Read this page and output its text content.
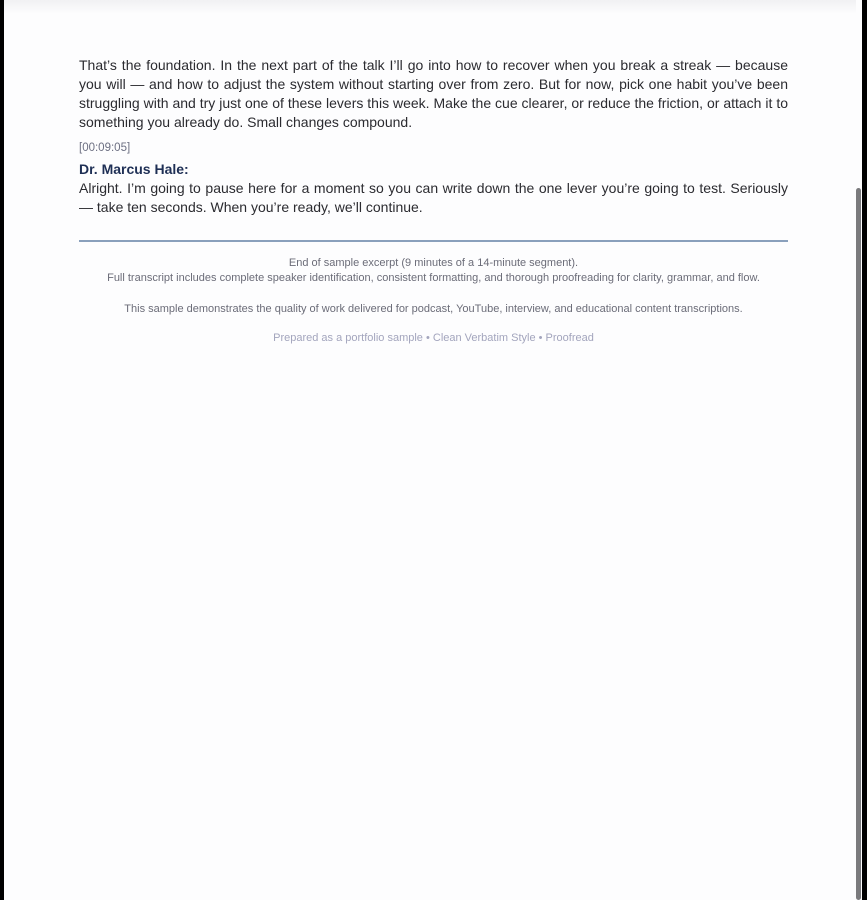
That’s the foundation. In the next part of the talk I’ll go into how to recover when you break a streak — because you will — and how to adjust the system without starting over from zero. But for now, pick one habit you’ve been struggling with and try just one of these levers this week. Make the cue clearer, or reduce the friction, or attach it to something you already do. Small changes compound.

[00:09:05]
Dr. Marcus Hale:

Alright. I’m going to pause here for a moment so you can write down the one lever you’re going to test. Seriously — take ten seconds. When you’re ready, we’ll continue.

End of sample excerpt (9 minutes of a 14-minute segment).
Full transcript includes complete speaker identification, consistent formatting, and thorough proofreading for clarity, grammar, and flow.
This sample demonstrates the quality of work delivered for podcast, YouTube, interview, and educational content transcriptions.
Prepared as a portfolio sample • Clean Verbatim Style • Proofread
